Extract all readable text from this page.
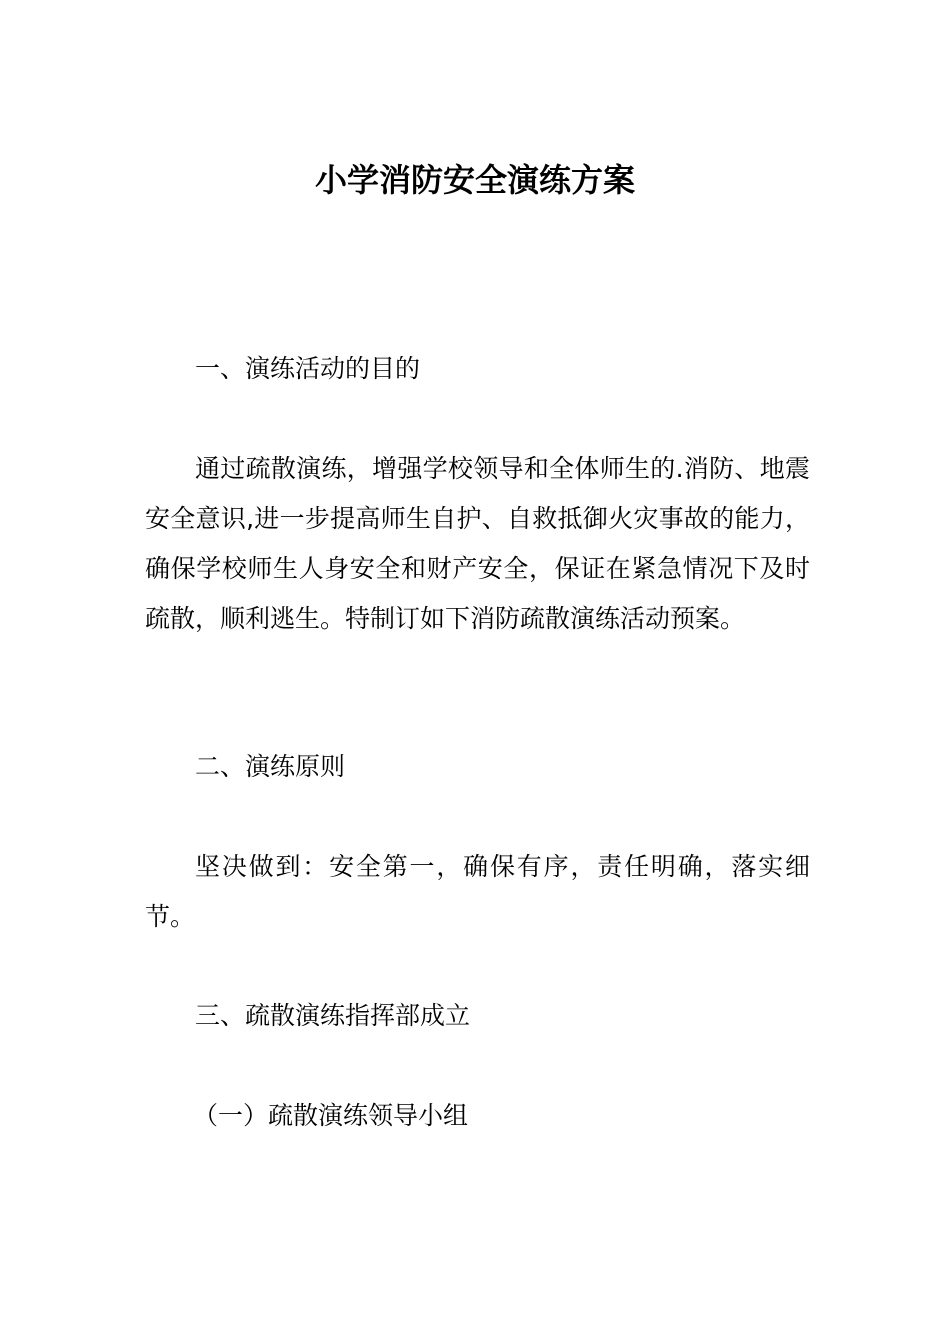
小学消防安全演练方案

一、演练活动的目的

通过疏散演练，增强学校领导和全体师生的.消防、地震安全意识,进一步提高师生自护、自救抵御火灾事故的能力，确保学校师生人身安全和财产安全，保证在紧急情况下及时疏散，顺利逃生。特制订如下消防疏散演练活动预案。

二、演练原则

坚决做到：安全第一，确保有序，责任明确，落实细节。

三、疏散演练指挥部成立

（一）疏散演练领导小组
